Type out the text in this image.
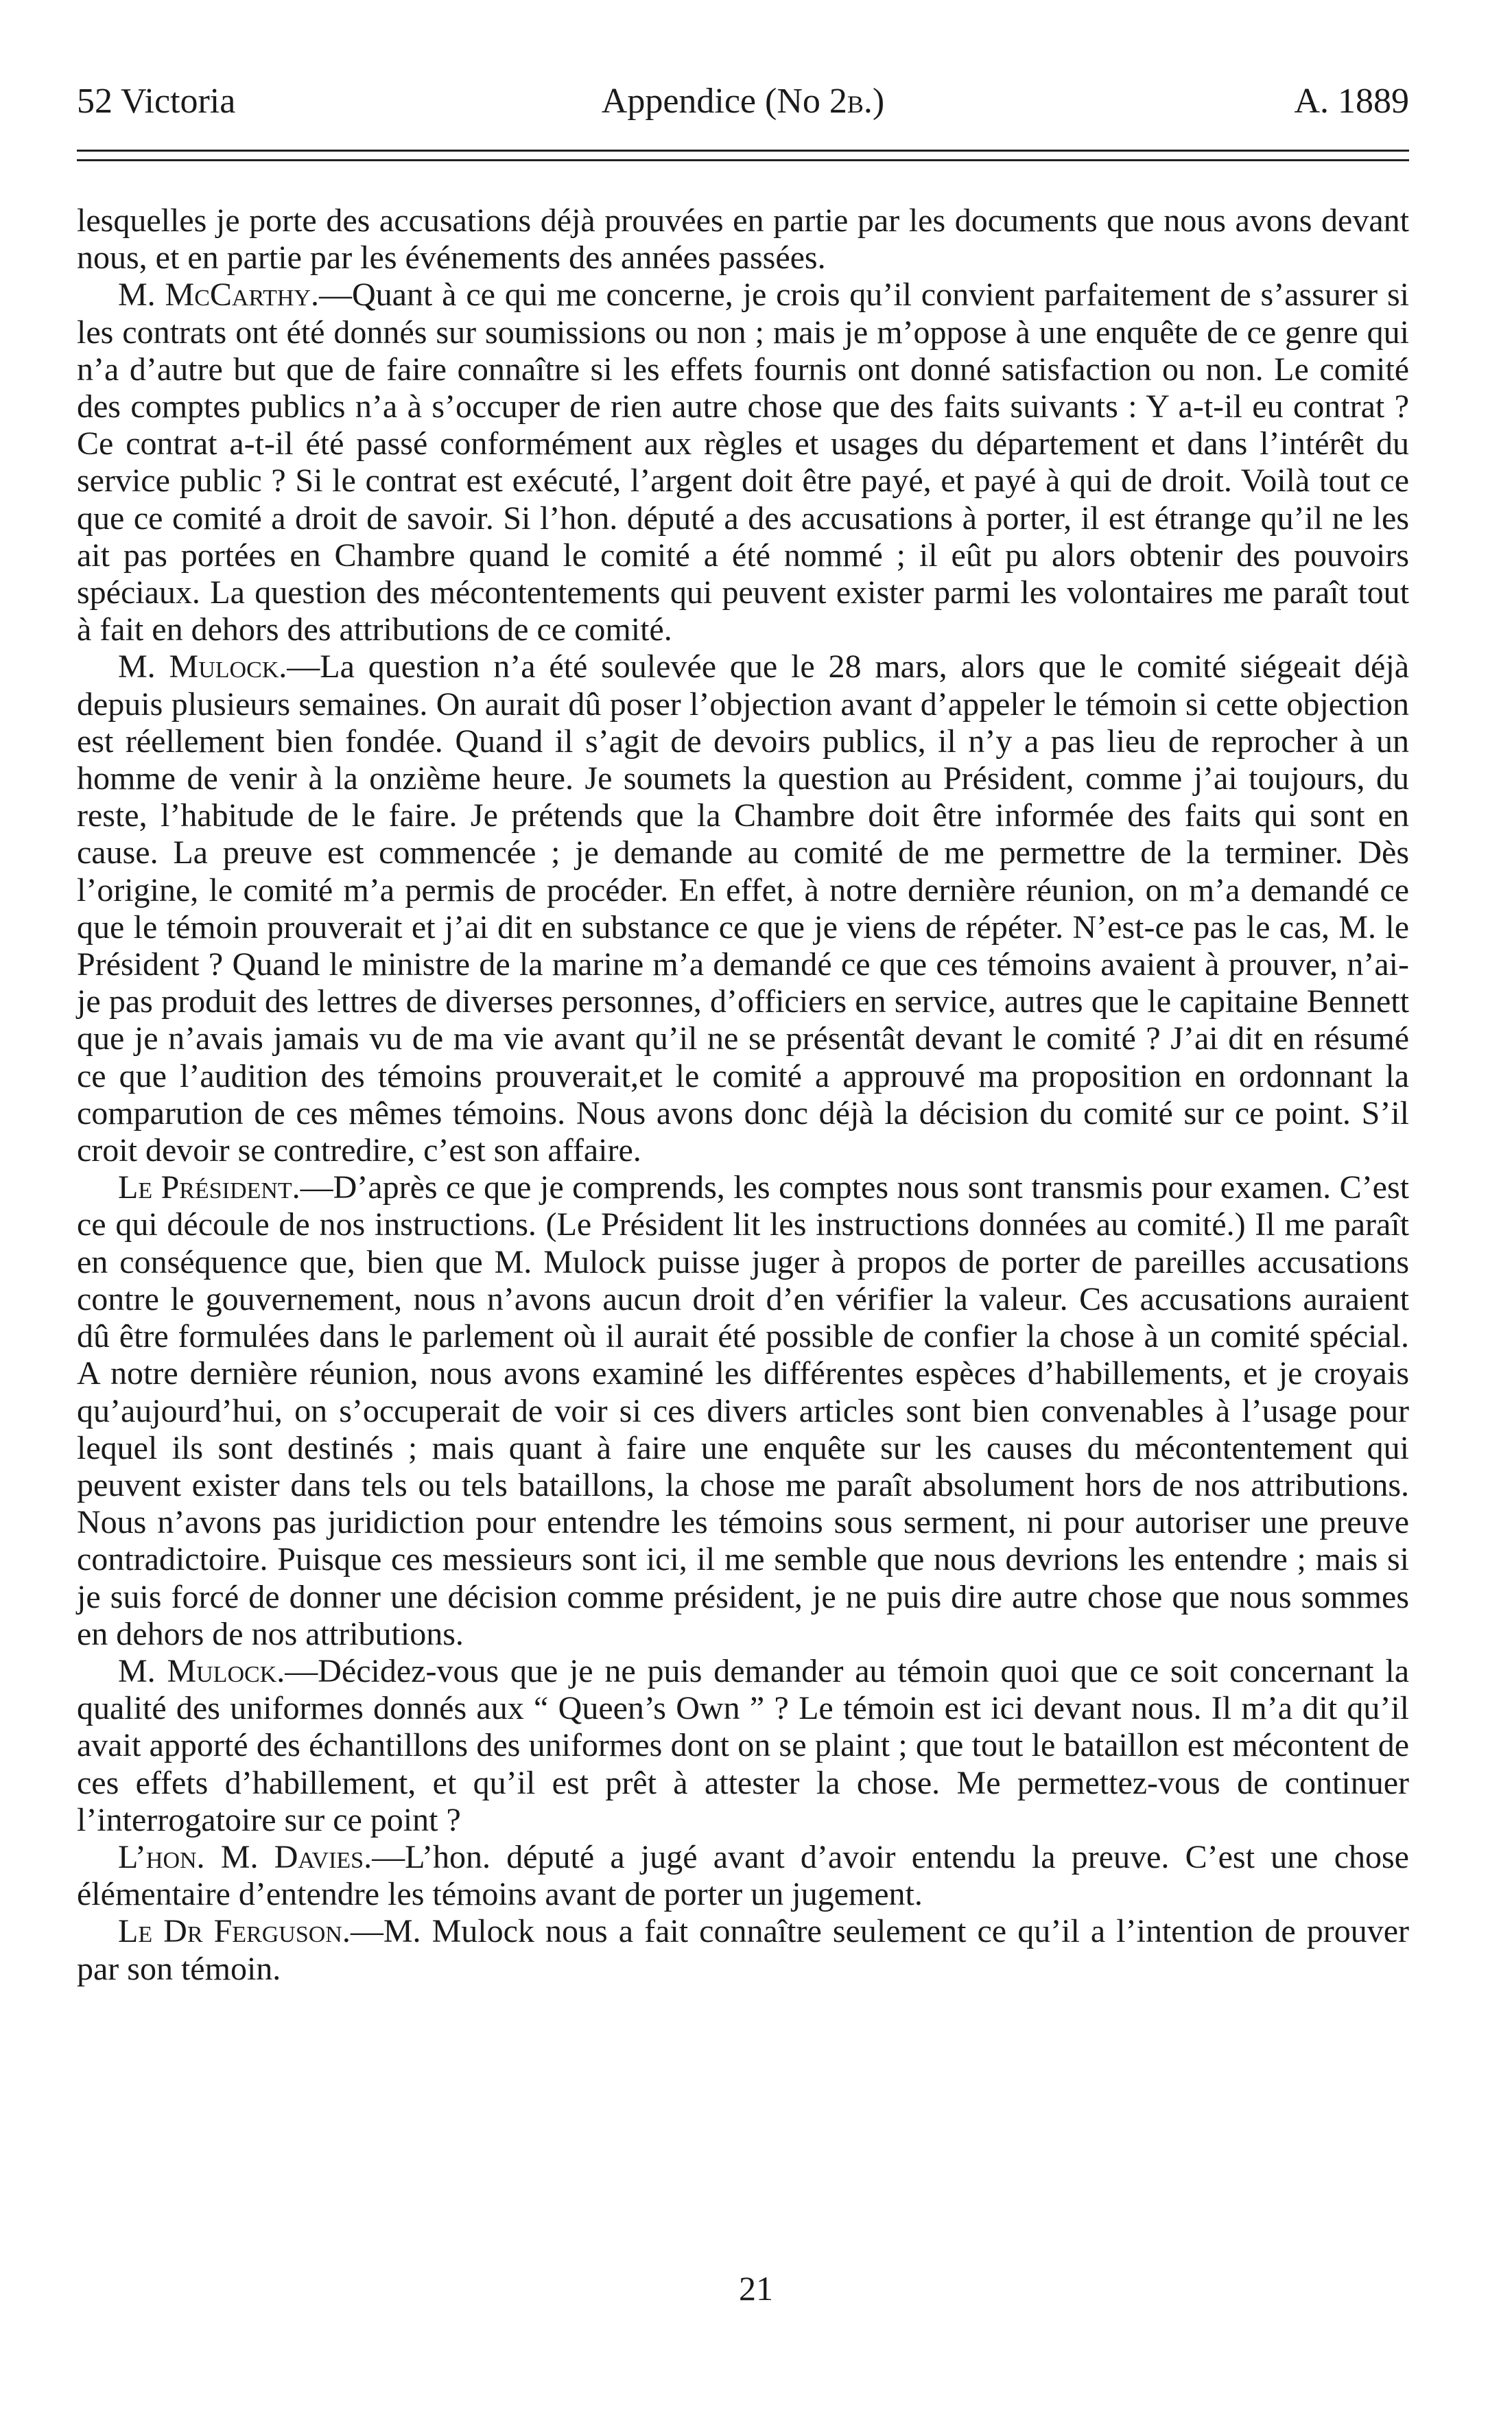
52 Victoria	Appendice (No 2b.)	A. 1889

lesquelles je porte des accusations déjà prouvées en partie par les documents que nous avons devant nous, et en partie par les événements des années passées.

M. McCarthy.—Quant à ce qui me concerne, je crois qu’il convient parfaitement de s’assurer si les contrats ont été donnés sur soumissions ou non ; mais je m’oppose à une enquête de ce genre qui n’a d’autre but que de faire connaître si les effets fournis ont donné satisfaction ou non. Le comité des comptes publics n’a à s’occuper de rien autre chose que des faits suivants : Y a-t-il eu contrat ? Ce contrat a-t-il été passé conformément aux règles et usages du département et dans l’intérêt du service public ? Si le contrat est exécuté, l’argent doit être payé, et payé à qui de droit. Voilà tout ce que ce comité a droit de savoir. Si l’hon. député a des accusations à porter, il est étrange qu’il ne les ait pas portées en Chambre quand le comité a été nommé ; il eût pu alors obtenir des pouvoirs spéciaux. La question des mécontentements qui peuvent exister parmi les volontaires me paraît tout à fait en dehors des attributions de ce comité.

M. Mulock.—La question n’a été soulevée que le 28 mars, alors que le comité siégeait déjà depuis plusieurs semaines. On aurait dû poser l’objection avant d’appeler le témoin si cette objection est réellement bien fondée. Quand il s’agit de devoirs publics, il n’y a pas lieu de reprocher à un homme de venir à la onzième heure. Je soumets la question au Président, comme j’ai toujours, du reste, l’habitude de le faire. Je prétends que la Chambre doit être informée des faits qui sont en cause. La preuve est commencée ; je demande au comité de me permettre de la terminer. Dès l’origine, le comité m’a permis de procéder. En effet, à notre dernière réunion, on m’a demandé ce que le témoin prouverait et j’ai dit en substance ce que je viens de répéter. N’est-ce pas le cas, M. le Président ? Quand le ministre de la marine m’a demandé ce que ces témoins avaient à prouver, n’ai-je pas produit des lettres de diverses personnes, d’officiers en service, autres que le capitaine Bennett que je n’avais jamais vu de ma vie avant qu’il ne se présentât devant le comité ? J’ai dit en résumé ce que l’audition des témoins prouverait,et le comité a approuvé ma proposition en ordonnant la comparution de ces mêmes témoins. Nous avons donc déjà la décision du comité sur ce point. S’il croit devoir se contredire, c’est son affaire.

Le Président.—D’après ce que je comprends, les comptes nous sont transmis pour examen. C’est ce qui découle de nos instructions. (Le Président lit les instructions données au comité.) Il me paraît en conséquence que, bien que M. Mulock puisse juger à propos de porter de pareilles accusations contre le gouvernement, nous n’avons aucun droit d’en vérifier la valeur. Ces accusations auraient dû être formulées dans le parlement où il aurait été possible de confier la chose à un comité spécial. A notre dernière réunion, nous avons examiné les différentes espèces d’habillements, et je croyais qu’aujourd’hui, on s’occuperait de voir si ces divers articles sont bien convenables à l’usage pour lequel ils sont destinés ; mais quant à faire une enquête sur les causes du mécontentement qui peuvent exister dans tels ou tels bataillons, la chose me paraît absolument hors de nos attributions. Nous n’avons pas juridiction pour entendre les témoins sous serment, ni pour autoriser une preuve contradictoire. Puisque ces messieurs sont ici, il me semble que nous devrions les entendre ; mais si je suis forcé de donner une décision comme président, je ne puis dire autre chose que nous sommes en dehors de nos attributions.

M. Mulock.—Décidez-vous que je ne puis demander au témoin quoi que ce soit concernant la qualité des uniformes donnés aux “ Queen’s Own ” ? Le témoin est ici devant nous. Il m’a dit qu’il avait apporté des échantillons des uniformes dont on se plaint ; que tout le bataillon est mécontent de ces effets d’habillement, et qu’il est prêt à attester la chose. Me permettez-vous de continuer l’interrogatoire sur ce point ?

L’hon. M. Davies.—L’hon. député a jugé avant d’avoir entendu la preuve. C’est une chose élémentaire d’entendre les témoins avant de porter un jugement.

Le Dr Ferguson.—M. Mulock nous a fait connaître seulement ce qu’il a l’intention de prouver par son témoin.

21
